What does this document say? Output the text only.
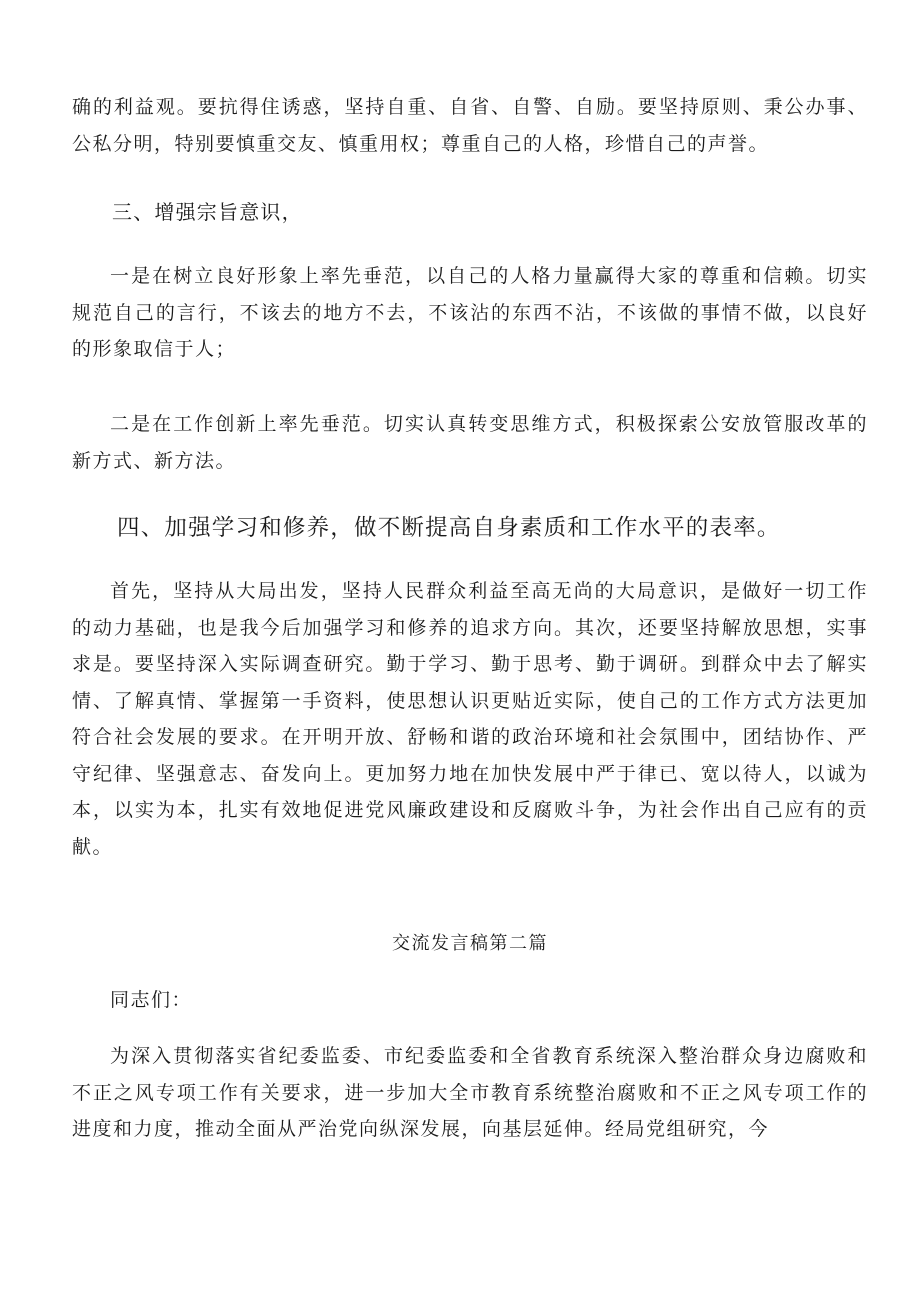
确的利益观。要抗得住诱惑，坚持自重、自省、自警、自励。要坚持原则、秉公办事、公私分明，特别要慎重交友、慎重用权；尊重自己的人格，珍惜自己的声誉。

三、增强宗旨意识，

一是在树立良好形象上率先垂范，以自己的人格力量赢得大家的尊重和信赖。切实规范自己的言行，不该去的地方不去，不该沾的东西不沾，不该做的事情不做，以良好的形象取信于人；

二是在工作创新上率先垂范。切实认真转变思维方式，积极探索公安放管服改革的新方式、新方法。

四、加强学习和修养，做不断提高自身素质和工作水平的表率。

首先，坚持从大局出发，坚持人民群众利益至高无尚的大局意识，是做好一切工作的动力基础，也是我今后加强学习和修养的追求方向。其次，还要坚持解放思想，实事求是。要坚持深入实际调查研究。勤于学习、勤于思考、勤于调研。到群众中去了解实情、了解真情、掌握第一手资料，使思想认识更贴近实际，使自己的工作方式方法更加符合社会发展的要求。在开明开放、舒畅和谐的政治环境和社会氛围中，团结协作、严守纪律、坚强意志、奋发向上。更加努力地在加快发展中严于律已、宽以待人，以诚为本，以实为本，扎实有效地促进党风廉政建设和反腐败斗争，为社会作出自己应有的贡献。

交流发言稿第二篇

同志们：

为深入贯彻落实省纪委监委、市纪委监委和全省教育系统深入整治群众身边腐败和不正之风专项工作有关要求，进一步加大全市教育系统整治腐败和不正之风专项工作的进度和力度，推动全面从严治党向纵深发展，向基层延伸。经局党组研究，今
